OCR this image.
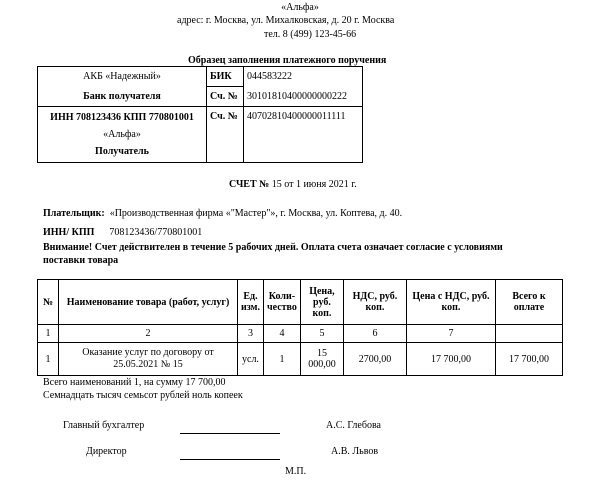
«Альфа»
адрес: г. Москва, ул. Михалковская, д. 20 г. Москва
тел. 8 (499) 123-45-66
Образец заполнения платежного поручения
АКБ «Надежный»	БИК	044583222
Банк получателя	Сч. №	30101810400000000222

ИНН 708123436 КПП 770801001
«Альфа»
Получатель	Сч. №	40702810400000011111
СЧЕТ № 15 от 1 июня 2021 г.
Плательщик: «Производственная фирма «"Мастер"», г. Москва, ул. Коптева, д. 40.
ИНН/ КПП 708123436/770801001
Внимание! Счет действителен в течение 5 рабочих дней. Оплата счета означает согласие с условиями
поставки товара
№	Наименование товара (работ, услуг)	Ед. изм.	Коли-чество	Цена, руб. коп.	НДС, руб. коп.	Цена с НДС, руб. коп.	Всего к оплате
1	2	3	4	5	6	7	
1	Оказание услуг по договору от 25.05.2021 № 15	усл.	1	15 000,00	2700,00	17 700,00	17 700,00
Всего наименований 1, на сумму 17 700,00
Семнадцать тысяч семьсот рублей ноль копеек
Главный бухгалтер	А.С. Глебова
Директор	А.В. Львов
М.П.
